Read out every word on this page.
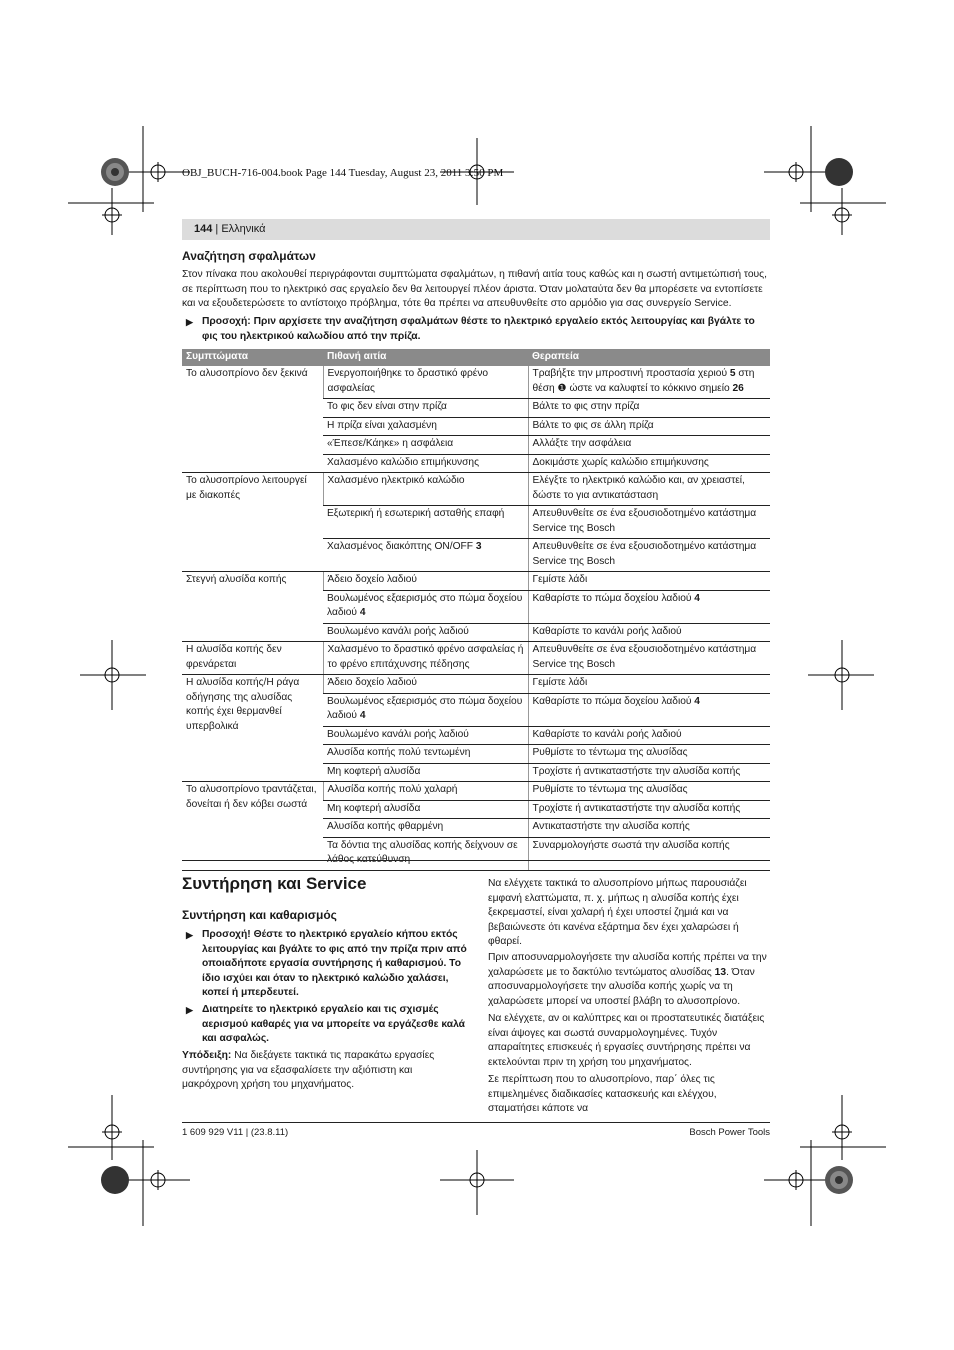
OBJ_BUCH-716-004.book Page 144 Tuesday, August 23, 2011 3:50 PM
144 | Ελληνικά
Αναζήτηση σφαλμάτων

Στον πίνακα που ακολουθεί περιγράφονται συμπτώματα σφαλμάτων, η πιθανή αιτία τους καθώς και η σωστή αντιμετώπισή τους, σε περίπτωση που το ηλεκτρικό σας εργαλείο δεν θα λειτουργεί πλέον άριστα. Όταν μολαταύτα δεν θα μπορέσετε να εντοπίσετε και να εξουδετερώσετε το αντίστοιχο πρόβλημα, τότε θα πρέπει να απευθυνθείτε στο αρμόδιο για σας συνεργείο Service.

▶ Προσοχή: Πριν αρχίσετε την αναζήτηση σφαλμάτων θέστε το ηλεκτρικό εργαλείο εκτός λειτουργίας και βγάλτε το φις του ηλεκτρικού καλωδίου από την πρίζα.
Συμπτώματα	Πιθανή αιτία	Θεραπεία
Το αλυσοπρίονο δεν ξεκινά	Ενεργοποιήθηκε το δραστικό φρένο ασφαλείας	Τραβήξτε την μπροστινή προστασία χεριού 5 στη θέση ❶ ώστε να καλυφτεί το κόκκινο σημείο 26
	Το φις δεν είναι στην πρίζα	Βάλτε το φις στην πρίζα
	Η πρίζα είναι χαλασμένη	Βάλτε το φις σε άλλη πρίζα
	«Έπεσε/Κάηκε» η ασφάλεια	Αλλάξτε την ασφάλεια
	Χαλασμένο καλώδιο επιμήκυνσης	Δοκιμάστε χωρίς καλώδιο επιμήκυνσης
Το αλυσοπρίονο λειτουργεί με διακοπές	Χαλασμένο ηλεκτρικό καλώδιο	Ελέγξτε το ηλεκτρικό καλώδιο και, αν χρειαστεί, δώστε το για αντικατάσταση
	Εξωτερική ή εσωτερική ασταθής επαφή	Απευθυνθείτε σε ένα εξουσιοδοτημένο κατάστημα Service της Bosch
	Χαλασμένος διακόπτης ON/OFF 3	Απευθυνθείτε σε ένα εξουσιοδοτημένο κατάστημα Service της Bosch
Στεγνή αλυσίδα κοπής	Άδειο δοχείο λαδιού	Γεμίστε λάδι
	Βουλωμένος εξαερισμός στο πώμα δοχείου λαδιού 4	Καθαρίστε το πώμα δοχείου λαδιού 4
	Βουλωμένο κανάλι ροής λαδιού	Καθαρίστε το κανάλι ροής λαδιού
Η αλυσίδα κοπής δεν φρενάρεται	Χαλασμένο το δραστικό φρένο ασφαλείας ή το φρένο επιτάχυνσης πέδησης	Απευθυνθείτε σε ένα εξουσιοδοτημένο κατάστημα Service της Bosch
Η αλυσίδα κοπής/Η ράγα οδήγησης της αλυσίδας κοπής έχει θερμανθεί υπερβολικά	Άδειο δοχείο λαδιού	Γεμίστε λάδι
	Βουλωμένος εξαερισμός στο πώμα δοχείου λαδιού 4	Καθαρίστε το πώμα δοχείου λαδιού 4
	Βουλωμένο κανάλι ροής λαδιού	Καθαρίστε το κανάλι ροής λαδιού
	Αλυσίδα κοπής πολύ τεντωμένη	Ρυθμίστε το τέντωμα της αλυσίδας
	Μη κοφτερή αλυσίδα	Τροχίστε ή αντικαταστήστε την αλυσίδα κοπής
Το αλυσοπρίονο τραντάζεται, δονείται ή δεν κόβει σωστά	Αλυσίδα κοπής πολύ χαλαρή	Ρυθμίστε το τέντωμα της αλυσίδας
	Μη κοφτερή αλυσίδα	Τροχίστε ή αντικαταστήστε την αλυσίδα κοπής
	Αλυσίδα κοπής φθαρμένη	Αντικαταστήστε την αλυσίδα κοπής
	Τα δόντια της αλυσίδας κοπής δείχνουν σε λάθος κατεύθυνση	Συναρμολογήστε σωστά την αλυσίδα κοπής
Συντήρηση και Service
Συντήρηση και καθαρισμός
▶ Προσοχή! Θέστε το ηλεκτρικό εργαλείο κήπου εκτός λειτουργίας και βγάλτε το φις από την πρίζα πριν από οποιαδήποτε εργασία συντήρησης ή καθαρισμού. Το ίδιο ισχύει και όταν το ηλεκτρικό καλώδιο χαλάσει, κοπεί ή μπερδευτεί.
▶ Διατηρείτε το ηλεκτρικό εργαλείο και τις σχισμές αερισμού καθαρές για να μπορείτε να εργάζεσθε καλά και ασφαλώς.

Υπόδειξη: Να διεξάγετε τακτικά τις παρακάτω εργασίες συντήρησης για να εξασφαλίσετε την αξιόπιστη και μακρόχρονη χρήση του μηχανήματος.

Να ελέγχετε τακτικά το αλυσοπρίονο μήπως παρουσιάζει εμφανή ελαττώματα, π. χ. μήπως η αλυσίδα κοπής έχει ξεκρεμαστεί, είναι χαλαρή ή έχει υποστεί ζημιά και να βεβαιώνεστε ότι κανένα εξάρτημα δεν έχει χαλαρώσει ή φθαρεί.

Πριν αποσυναρμολογήσετε την αλυσίδα κοπής πρέπει να την χαλαρώσετε με το δακτύλιο τεντώματος αλυσίδας 13. Όταν αποσυναρμολογήσετε την αλυσίδα κοπής χωρίς να τη χαλαρώσετε μπορεί να υποστεί βλάβη το αλυσοπρίονο.

Να ελέγχετε, αν οι καλύπτρες και οι προστατευτικές διατάξεις είναι άψογες και σωστά συναρμολογημένες. Τυχόν απαραίτητες επισκευές ή εργασίες συντήρησης πρέπει να εκτελούνται πριν τη χρήση του μηχανήματος.

Σε περίπτωση που το αλυσοπρίονο, παρ΄ όλες τις επιμελημένες διαδικασίες κατασκευής και ελέγχου, σταματήσει κάποτε να

1 609 929 V11 | (23.8.11)	Bosch Power Tools
